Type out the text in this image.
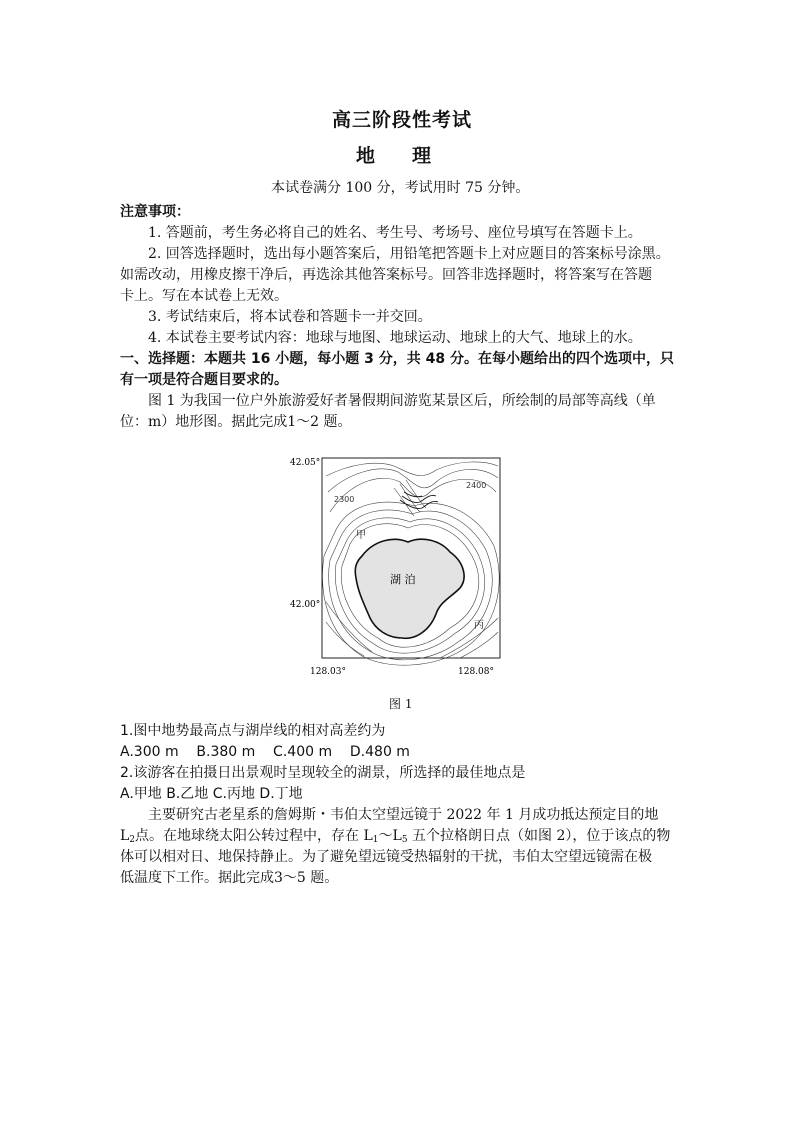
高三阶段性考试
地 理
本试卷满分 100 分，考试用时 75 分钟。
注意事项：
1. 答题前，考生务必将自己的姓名、考生号、考场号、座位号填写在答题卡上。
2. 回答选择题时，选出每小题答案后，用铅笔把答题卡上对应题目的答案标号涂黑。
如需改动，用橡皮擦干净后，再选涂其他答案标号。回答非选择题时，将答案写在答题
卡上。写在本试卷上无效。
3. 考试结束后，将本试卷和答题卡一并交回。
4. 本试卷主要考试内容：地球与地图、地球运动、地球上的大气、地球上的水。
一、选择题：本题共 16 小题，每小题 3 分，共 48 分。在每小题给出的四个选项中，只
有一项是符合题目要求的。
图 1 为我国一位户外旅游爱好者暑假期间游览某景区后，所绘制的局部等高线（单
位：m）地形图。据此完成1～2 题。
湖 泊
甲
丙
2300
2400
42.05°
42.00°
128.03°	128.08°
图 1
1.图中地势最高点与湖岸线的相对高差约为
A.300 m    B.380 m    C.400 m    D.480 m
2.该游客在拍摄日出景观时呈现较全的湖景，所选择的最佳地点是
A.甲地 B.乙地 C.丙地 D.丁地
主要研究古老星系的詹姆斯・韦伯太空望远镜于 2022 年 1 月成功抵达预定目的地
$L_2$点。在地球绕太阳公转过程中，存在 $L_1\sim L_5$ 五个拉格朗日点（如图 2），位于该点的物
体可以相对日、地保持静止。为了避免望远镜受热辐射的干扰，韦伯太空望远镜需在极
低温度下工作。据此完成3～5 题。
